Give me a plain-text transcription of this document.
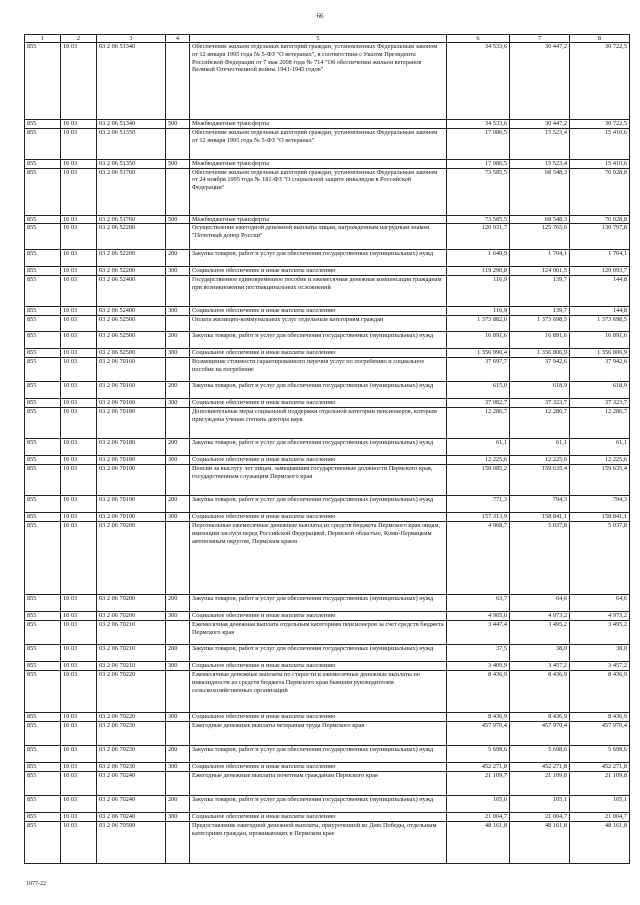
66
1	2	3	4	5	6	7	8
855	10 03	03 2 06 51340		Обеспечение жильем отдельных категорий граждан, установленных Федеральным законом от 12 января 1995 года № 5-ФЗ "О ветеранах", в соответствии с Указом Президента Российской Федерации от 7 мая 2008 года № 714 "Об обеспечении жильем ветеранов Великой Отечественной войны 1941-1945 годов"	34 533,6	30 447,2	30 722,5
855	10 03	03 2 06 51340	500	Межбюджетные трансферты	34 533,6	30 447,2	30 722,5
855	10 03	03 2 06 51350		Обеспечение жильем отдельных категорий граждан, установленных Федеральным законом от 12 января 1995 года № 5-ФЗ "О ветеранах"	17 086,5	15 523,4	15 410,6
855	10 03	03 2 06 51350	500	Межбюджетные трансферты	17 086,5	15 523,4	15 410,6
855	10 03	03 2 06 51760		Обеспечение жильем отдельных категорий граждан, установленных Федеральным законом от 24 ноября 1995 года № 181-ФЗ "О социальной защите инвалидов в Российской Федерации"	73 585,5	68 548,3	76 028,8
855	10 03	03 2 06 51760	500	Межбюджетные трансферты	73 585,5	68 548,3	76 028,8
855	10 03	03 2 06 52200		Осуществление ежегодной денежной выплаты лицам, награжденным нагрудным знаком "Почетный донор России"	120 931,7	125 765,6	130 797,8
855	10 03	03 2 06 52200	200	Закупка товаров, работ и услуг для обеспечения государственных (муниципальных) нужд	1 640,9	1 704,1	1 704,1
855	10 03	03 2 06 52200	300	Социальное обеспечение и иные выплаты населению	119 290,8	124 061,5	129 093,7
855	10 03	03 2 06 52400		Государственное единовременное пособие и ежемесячная денежная компенсация гражданам при возникновении поствакцинальных осложнений	116,9	139,7	144,8
855	10 03	03 2 06 52400	300	Социальное обеспечение и иные выплаты населению	116,9	139,7	144,8
855	10 03	03 2 06 52500		Оплата жилищно-коммунальных услуг отдельным категориям граждан	1 373 882,0	1 373 698,5	1 373 698,5
855	10 03	03 2 06 52500	200	Закупка товаров, работ и услуг для обеспечения государственных (муниципальных) нужд	16 891,6	16 891,6	16 891,6
855	10 03	03 2 06 52500	300	Социальное обеспечение и иные выплаты населению	1 356 990,4	1 356 806,9	1 356 806,9
855	10 03	03 2 06 70160		Возмещение стоимости гарантированного перечня услуг по погребению и социальное пособие на погребение	37 697,7	37 942,6	37 942,6
855	10 03	03 2 06 70160	200	Закупка товаров, работ и услуг для обеспечения государственных (муниципальных) нужд	615,0	618,9	618,9
855	10 03	03 2 06 70160	300	Социальное обеспечение и иные выплаты населению	37 082,7	37 323,7	37 323,7
855	10 03	03 2 06 70180		Дополнительные меры социальной поддержки отдельной категории пенсионеров, которым присуждена ученая степень доктора наук	12 286,7	12 286,7	12 286,7
855	10 03	03 2 06 70180	200	Закупка товаров, работ и услуг для обеспечения государственных (муниципальных) нужд	61,1	61,1	61,1
855	10 03	03 2 06 70180	300	Социальное обеспечение и иные выплаты населению	12 225,6	12 225,6	12 225,6
855	10 03	03 2 06 70190		Пенсии за выслугу лет лицам, замещавшим государственные должности Пермского края, государственным служащим Пермского края	158 085,2	159 635,4	159 635,4
855	10 03	03 2 06 70190	200	Закупка товаров, работ и услуг для обеспечения государственных (муниципальных) нужд	771,3	794,3	794,3
855	10 03	03 2 06 70190	300	Социальное обеспечение и иные выплаты населению	157 313,9	158 841,1	158 841,1
855	10 03	03 2 06 70200		Персональные ежемесячные денежные выплаты из средств бюджета Пермского края лицам, имеющим заслуги перед Российской Федерацией, Пермской областью, Коми-Пермяцким автономным округом, Пермским краем	4 968,7	5 037,8	5 037,8
855	10 03	03 2 06 70200	200	Закупка товаров, работ и услуг для обеспечения государственных (муниципальных) нужд	63,7	64,6	64,6
855	10 03	03 2 06 70200	300	Социальное обеспечение и иные выплаты населению	4 905,0	4 973,2	4 973,2
855	10 03	03 2 06 70210		Ежемесячная денежная выплата отдельным категориям пенсионеров за счет средств бюджета Пермского края	3 447,4	3 495,2	3 495,2
855	10 03	03 2 06 70210	200	Закупка товаров, работ и услуг для обеспечения государственных (муниципальных) нужд	37,5	38,0	38,0
855	10 03	03 2 06 70210	300	Социальное обеспечение и иные выплаты населению	3 409,9	3 457,2	3 457,2
855	10 03	03 2 06 70220		Ежемесячные денежные выплаты по старости и ежемесячные денежные выплаты по инвалидности из средств бюджета Пермского края бывшим руководителям сельскохозяйственных организаций	8 436,9	8 436,9	8 436,9
855	10 03	03 2 06 70220	300	Социальное обеспечение и иные выплаты населению	8 436,9	8 436,9	8 436,9
855	10 03	03 2 06 70230		Ежегодные денежные выплаты ветеранам труда Пермского края	457 970,4	457 970,4	457 970,4
855	10 03	03 2 06 70230	200	Закупка товаров, работ и услуг для обеспечения государственных (муниципальных) нужд	5 698,6	5 698,6	5 698,6
855	10 03	03 2 06 70230	300	Социальное обеспечение и иные выплаты населению	452 271,8	452 271,8	452 271,8
855	10 03	03 2 06 70240		Ежегодные денежные выплаты почетным гражданам Пермского края	21 109,7	21 109,8	21 109,8
855	10 03	03 2 06 70240	200	Закупка товаров, работ и услуг для обеспечения государственных (муниципальных) нужд	105,0	105,1	105,1
855	10 03	03 2 06 70240	300	Социальное обеспечение и иные выплаты населению	21 004,7	21 004,7	21 004,7
855	10 03	03 2 06 70590		Предоставление ежегодной денежной выплаты, приуроченной ко Дню Победы, отдельным категориям граждан, проживающих в Пермском крае	48 161,8	48 161,8	48 161,8
1077-22
